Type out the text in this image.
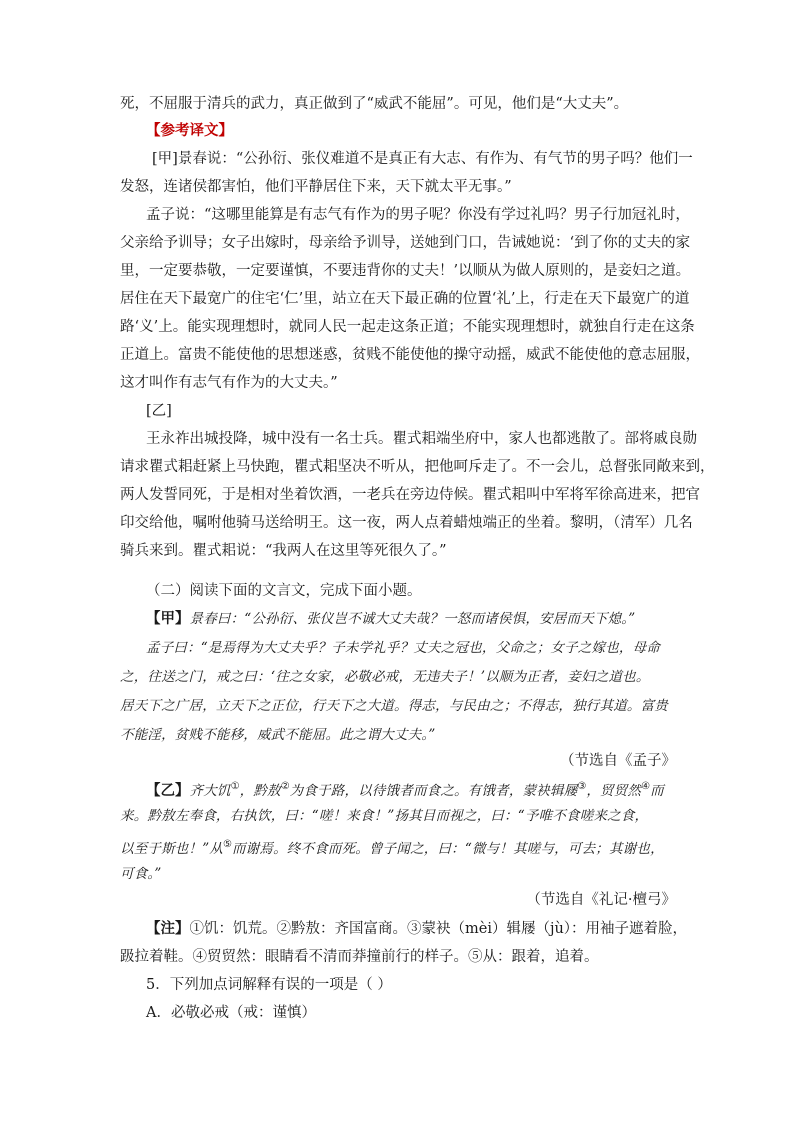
死，不屈服于清兵的武力，真正做到了“威武不能屈”。可见，他们是“大丈夫”。
【参考译文】
[甲]景春说：“公孙衍、张仪难道不是真正有大志、有作为、有气节的男子吗？他们一
发怒，连诸侯都害怕，他们平静居住下来，天下就太平无事。”
孟子说：“这哪里能算是有志气有作为的男子呢？你没有学过礼吗？男子行加冠礼时，
父亲给予训导；女子出嫁时，母亲给予训导，送她到门口，告诫她说：‘到了你的丈夫的家
里，一定要恭敬，一定要谨慎，不要违背你的丈夫！’以顺从为做人原则的，是妾妇之道。
居住在天下最宽广的住宅‘仁’里，站立在天下最正确的位置‘礼’上，行走在天下最宽广的道
路‘义’上。能实现理想时，就同人民一起走这条正道；不能实现理想时，就独自行走在这条
正道上。富贵不能使他的思想迷惑，贫贱不能使他的操守动摇，威武不能使他的意志屈服，
这才叫作有志气有作为的大丈夫。”
[乙]
王永祚出城投降，城中没有一名士兵。瞿式耜端坐府中，家人也都逃散了。部将戚良勋
请求瞿式耜赶紧上马快跑，瞿式耜坚决不听从，把他呵斥走了。不一会儿，总督张同敞来到，
两人发誓同死，于是相对坐着饮酒，一老兵在旁边侍候。瞿式耜叫中军将军徐高进来，把官
印交给他，嘱咐他骑马送给明王。这一夜，两人点着蜡烛端正的坐着。黎明，（清军）几名
骑兵来到。瞿式耜说：“我两人在这里等死很久了。”
（二）阅读下面的文言文，完成下面小题。
【甲】景春曰：“公孙衍、张仪岂不诚大丈夫哉？一怒而诸侯惧，安居而天下熄。”
孟子曰：“是焉得为大丈夫乎？子未学礼乎？丈夫之冠也，父命之；女子之嫁也，母命
之，往送之门，戒之曰：‘往之女家，必敬必戒，无违夫子！’以顺为正者，妾妇之道也。
居天下之广居，立天下之正位，行天下之大道。得志，与民由之；不得志，独行其道。富贵
不能淫，贫贱不能移，威武不能屈。此之谓大丈夫。”
（节选自《孟子》
【乙】齐大饥①，黔敖②为食于路，以待饿者而食之。有饿者，蒙袂辑屦③，贸贸然④而
来。黔敖左奉食，右执饮，曰：“嗟！来食！”扬其目而视之，曰：“予唯不食嗟来之食，
以至于斯也！”从⑤而谢焉。终不食而死。曾子闻之，曰：“微与！其嗟与，可去；其谢也，
可食。”
（节选自《礼记·檀弓》
【注】①饥：饥荒。②黔敖：齐国富商。③蒙袂（mèi）辑屦（jù）：用袖子遮着脸，
趿拉着鞋。④贸贸然：眼睛看不清而莽撞前行的样子。⑤从：跟着，追着。
5．下列加点词解释有误的一项是（ ）
A．必敬必戒（戒：谨慎）
